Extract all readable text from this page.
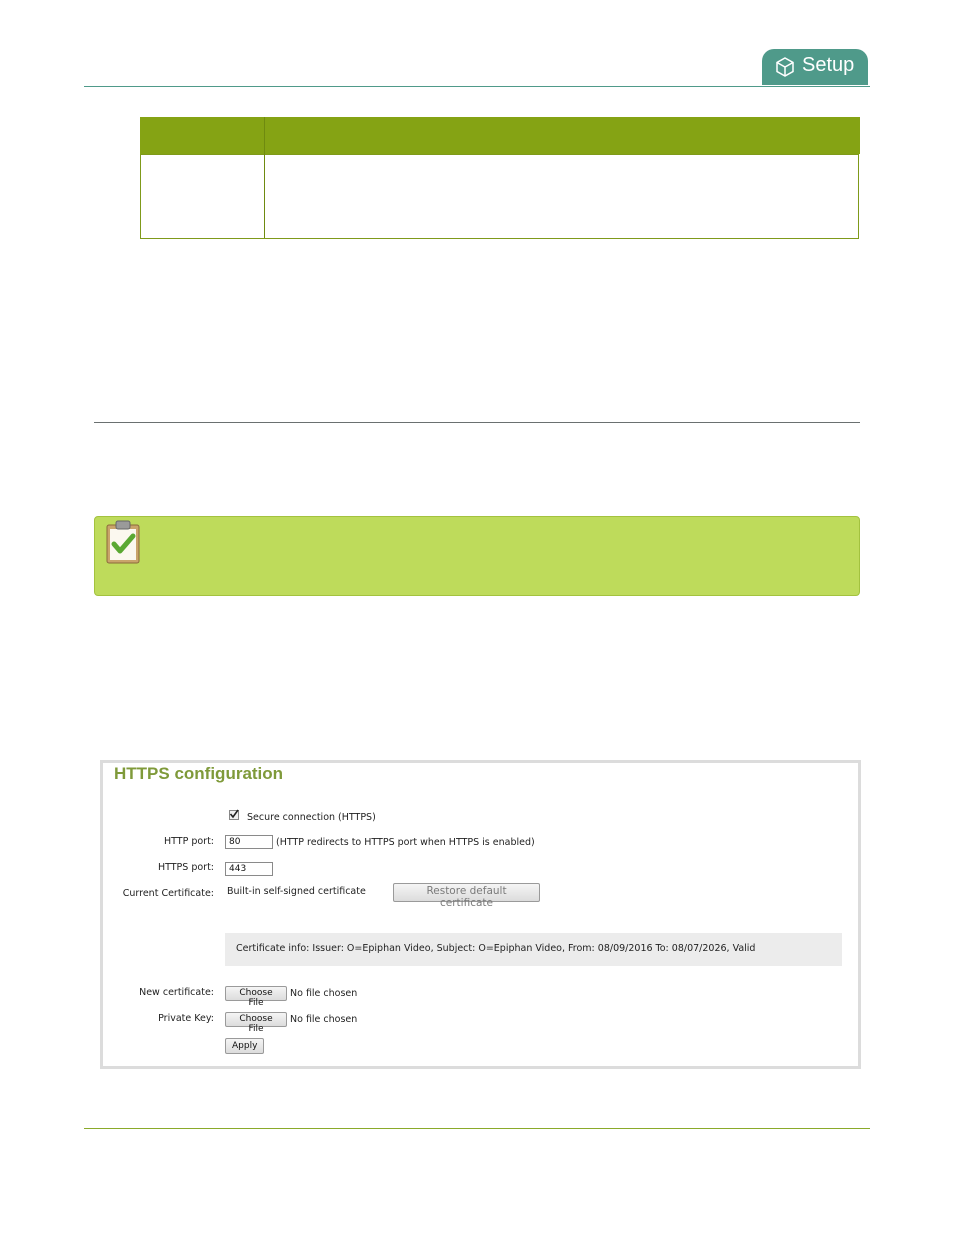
Setup
HTTPS configuration
Secure connection (HTTPS)
HTTP port:
80	(HTTP redirects to HTTPS port when HTTPS is enabled)
HTTPS port:
443
Current Certificate: Built-in self-signed certificate	Restore default certificate
Certificate info: Issuer: O=Epiphan Video, Subject: O=Epiphan Video, From: 08/09/2016 To: 08/07/2026, Valid
New certificate:	Choose File
No file chosen
Private Key:	Choose File
No file chosen
Apply
